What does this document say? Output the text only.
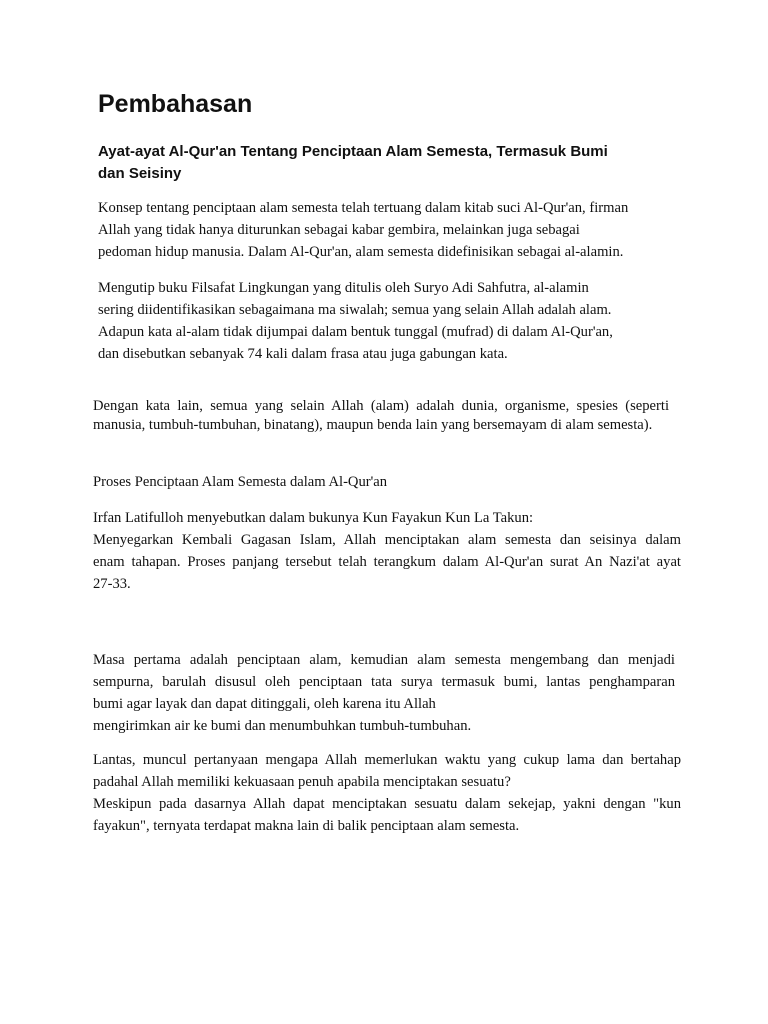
Pembahasan
Ayat-ayat Al-Qur'an Tentang Penciptaan Alam Semesta, Termasuk Bumi
dan Seisiny
Konsep tentang penciptaan alam semesta telah tertuang dalam kitab suci Al-Qur'an, firman
Allah yang tidak hanya diturunkan sebagai kabar gembira, melainkan juga sebagai
pedoman hidup manusia. Dalam Al-Qur'an, alam semesta didefinisikan sebagai al-alamin.
Mengutip buku Filsafat Lingkungan yang ditulis oleh Suryo Adi Sahfutra, al-alamin
sering diidentifikasikan sebagaimana ma siwalah; semua yang selain Allah adalah alam.
Adapun kata al-alam tidak dijumpai dalam bentuk tunggal (mufrad) di dalam Al-Qur'an,
dan disebutkan sebanyak 74 kali dalam frasa atau juga gabungan kata.
Dengan kata lain, semua yang selain Allah (alam) adalah dunia, organisme, spesies (seperti manusia, tumbuh-tumbuhan, binatang), maupun benda lain yang bersemayam di alam semesta).
Proses Penciptaan Alam Semesta dalam Al-Qur'an
Irfan Latifulloh menyebutkan dalam bukunya Kun Fayakun Kun La Takun:
Menyegarkan Kembali Gagasan Islam, Allah menciptakan alam semesta dan seisinya dalam
enam tahapan. Proses panjang tersebut telah terangkum dalam Al-Qur'an surat An Nazi'at ayat
27-33.
Masa pertama adalah penciptaan alam, kemudian alam semesta mengembang dan menjadi
sempurna, barulah disusul oleh penciptaan tata surya termasuk bumi, lantas penghamparan
bumi agar layak dan dapat ditinggali, oleh karena itu Allah
mengirimkan air ke bumi dan menumbuhkan tumbuh-tumbuhan.
Lantas, muncul pertanyaan mengapa Allah memerlukan waktu yang cukup lama dan bertahap
padahal Allah memiliki kekuasaan penuh apabila menciptakan sesuatu?
Meskipun pada dasarnya Allah dapat menciptakan sesuatu dalam sekejap, yakni dengan "kun
fayakun", ternyata terdapat makna lain di balik penciptaan alam semesta.
